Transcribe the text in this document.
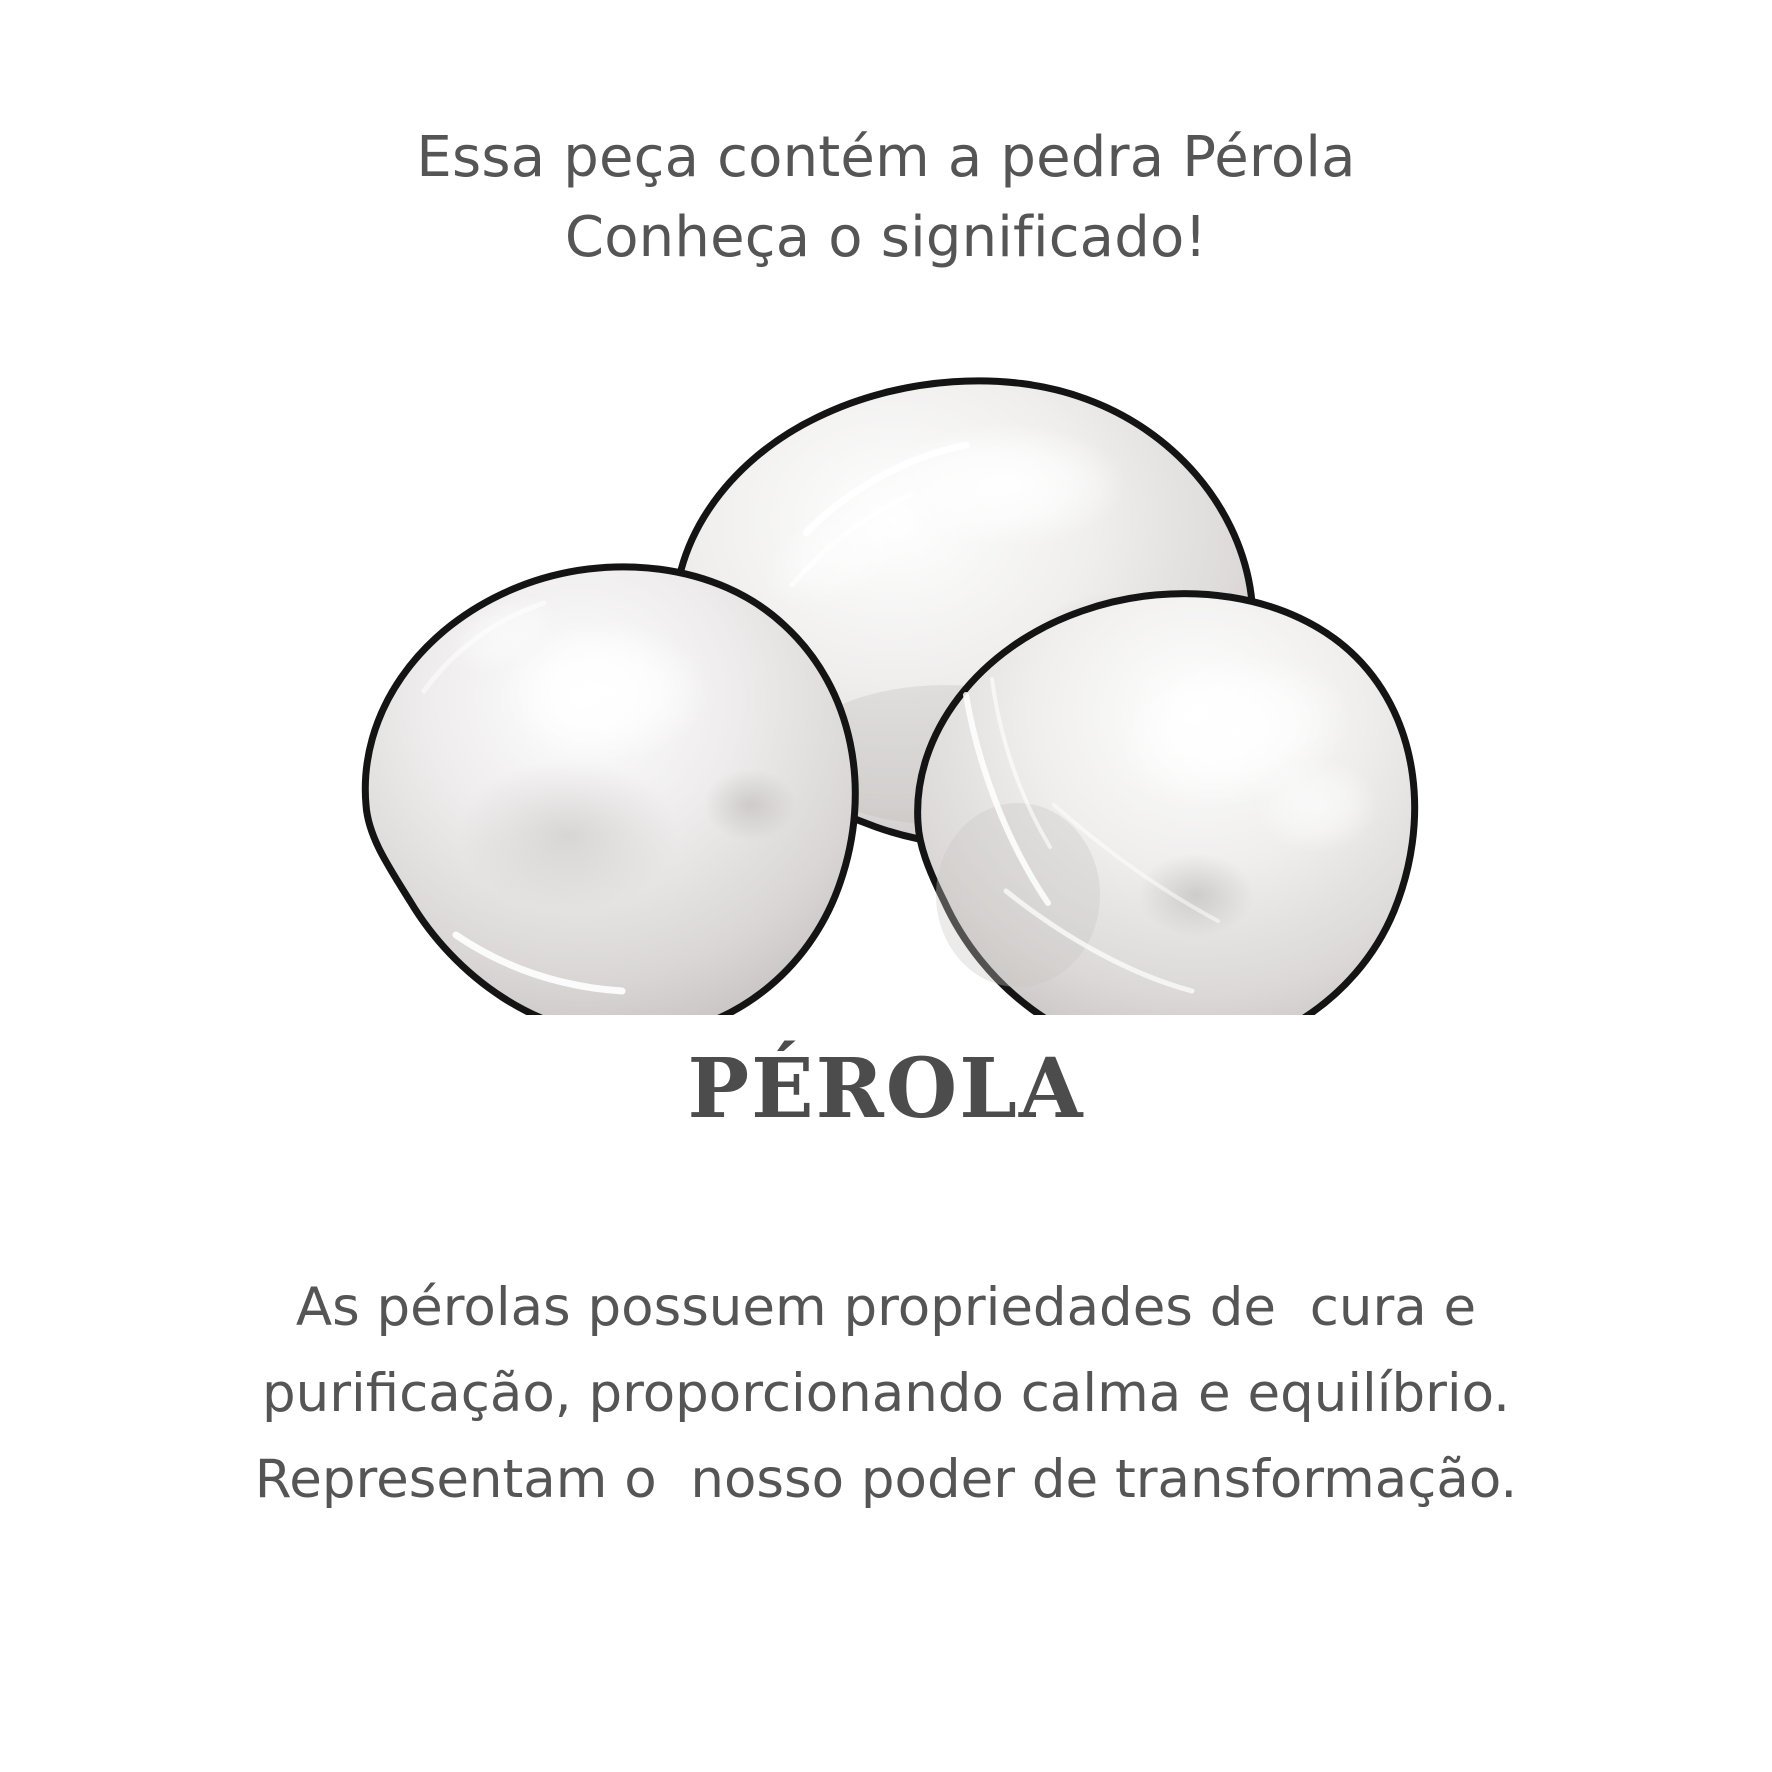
Essa peça contém a pedra Pérola
Conheça o significado!
PÉROLA
As pérolas possuem propriedades de  cura e
purificação, proporcionando calma e equilíbrio.
Representam o  nosso poder de transformação.
